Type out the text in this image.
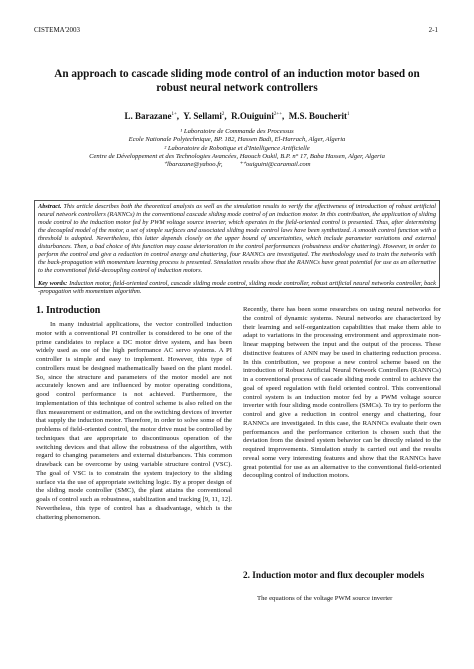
CISTEMA'2003	2-1
An approach to cascade sliding mode control of an induction motor based on robust neural network controllers
L. Barazane$^{1+}$,  Y. Sellami$^2$,  R.Ouiguini$^{2++}$,  M.S. Boucherit$^1$
¹ Laboratoire de Commande des Processus
Ecole Nationale Polytechnique, BP. 182, Hassen Badi, El-Harrach, Alger, Algeria
² Laboratoire de Robotique et d'Intelligence Artificielle
Centre de Développement et des Technologies Avancées, Haouch Oukil, B.P. n° 17, Baba Hassen, Alger, Algeria
⁺lbarazane@yahoo.fr,          ⁺⁺ouiguini@caramail.com
Abstract. This article describes both the theoretical analysis as well as the simulation results to verify the effectiveness of introduction of robust artificial neural network controllers (RANNCs) in the conventional cascade sliding mode control of an induction motor. In this contribution, the application of sliding mode control to the induction motor fed by PWM voltage source inverter, which operates in the field-oriented control is presented. Thus, after determining the decoupled model of the motor, a set of simple surfaces and associated sliding mode control laws have been synthetized. A smooth control function with a threshold is adopted. Nevertheless, this latter depends closely on the upper bound of uncertainties, which include parameter variations and external disturbances. Then, a bad choice of this function may cause deterioration in the control performances (robustness and/or chattering). However, in order to perform the control and give a reduction in control energy and chattering, four RANNCs are investigated. The methodology used to train the networks with the back-propagation with momentum learning process is presented. Simulation results show that the RANNCs have great potential for use as an alternative to the conventional field-decoupling control of induction motors.
Key words: Induction motor, field-oriented control, cascade sliding mode control, sliding mode controller, robust artificial neural networks controller, back -propagation with momentum algorithm.
1. Introduction

In many industrial applications, the vector controlled induction motor with a conventional PI controller is considered to be one of the prime candidates to replace a DC motor drive system, and has been widely used as one of the high performance AC servo systems. A PI controller is simple and easy to implement. However, this type of controllers must be designed mathematically based on the plant model. So, since the structure and parameters of the motor model are not accurately known and are influenced by motor operating conditions, good control performance is not achieved. Furthermore, the implementation of this technique of control scheme is also relied on the flux measurement or estimation, and on the switching devices of inverter that supply the induction motor. Therefore, in order to solve some of the problems of field-oriented control, the motor drive must be controlled by techniques that are appropriate to discontinuous operation of the switching devices and that allow the robustness of the algorithm, with regard to changing parameters and external disturbances. This common drawback can be overcome by using variable structure control (VSC). The goal of VSC is to constrain the system trajectory to the sliding surface via the use of appropriate switching logic. By a proper design of the sliding mode controller (SMC), the plant attains the conventional goals of control such as robustness, stabilization and tracking [9, 11, 12]. Nevertheless, this type of control has a disadvantage, which is the chattering phenomenon.

Recently, there has been some researches on using neural networks for the control of dynamic systems. Neural networks are characterized by their learning and self-organization capabilities that make them able to adapt to variations in the processing environment and approximate non-linear mapping between the input and the output of the process. These distinctive features of ANN may be used in chattering reduction process. In this contribution, we propose a new control scheme based on the introduction of Robust Artificial Neural Network Controllers (RANNCs) in a conventional process of cascade sliding mode control to achieve the goal of speed regulation with field oriented control. This conventional control system is an induction motor fed by a PWM voltage source inverter with four sliding mode controllers (SMCs). To try to perform the control and give a reduction in control energy and chattering, four RANNCs are investigated. In this case, the RANNCs evaluate their own performances and the performance criterion is chosen such that the deviation from the desired system behavior can be directly related to the required improvements. Simulation study is carried out and the results reveal some very interesting features and show that the RANNCs have great potential for use as an alternative to the conventional field-oriented decoupling control of induction motors.

2. Induction motor and flux decoupler models

The equations of the voltage PWM source inverter
